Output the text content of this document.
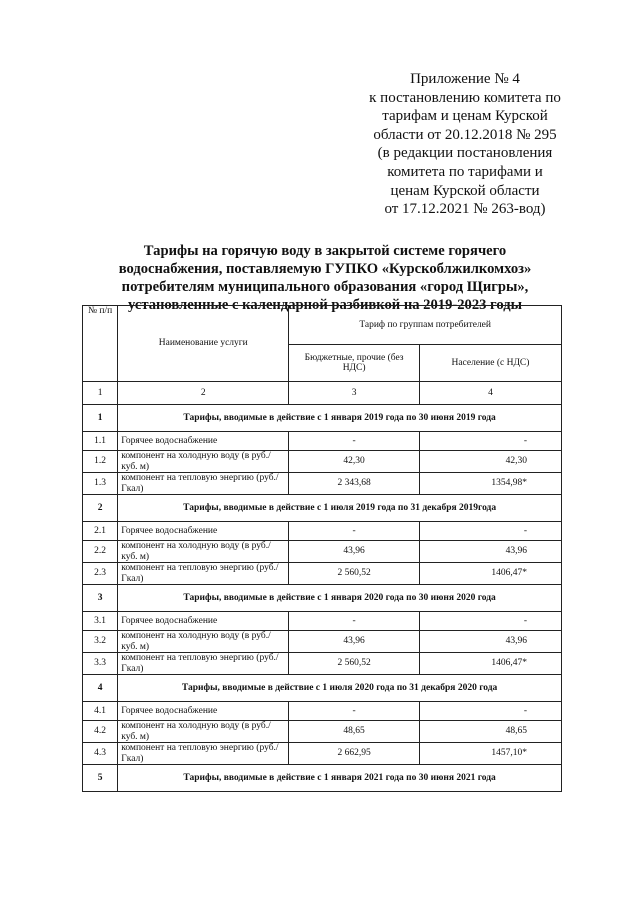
Приложение № 4
к постановлению комитета по
тарифам и ценам Курской
области от 20.12.2018 № 295
(в редакции постановления
комитета по тарифами и
ценам Курской области
от 17.12.2021 № 263-вод)
Тарифы на горячую воду в закрытой системе горячего
водоснабжения, поставляемую ГУПКО «Курскоблжилкомхоз»
потребителям муниципального образования «город Щигры»,
установленные с календарной разбивкой на 2019-2023 годы
№ п/п	Наименование услуги	Тариф по группам потребителей	
		Бюджетные, прочие (без НДС)	Население (с НДС)
1	2	3	4
1	Тарифы, вводимые в действие с 1 января 2019 года по 30 июня 2019 года		
1.1	Горячее водоснабжение	-	-
1.2	компонент на холодную воду (в руб./куб. м)	42,30	42,30
1.3	компонент на тепловую энергию (руб./Гкал)	2 343,68	1354,98*
2	Тарифы, вводимые в действие с 1 июля 2019 года по 31 декабря 2019года		
2.1	Горячее водоснабжение	-	-
2.2	компонент на холодную воду (в руб./куб. м)	43,96	43,96
2.3	компонент на тепловую энергию (руб./Гкал)	2 560,52	1406,47*
3	Тарифы, вводимые в действие с 1 января 2020 года по 30 июня 2020 года		
3.1	Горячее водоснабжение	-	-
3.2	компонент на холодную воду (в руб./куб. м)	43,96	43,96
3.3	компонент на тепловую энергию (руб./Гкал)	2 560,52	1406,47*
4	Тарифы, вводимые в действие с 1 июля 2020 года по 31 декабря 2020 года		
4.1	Горячее водоснабжение	-	-
4.2	компонент на холодную воду (в руб./куб. м)	48,65	48,65
4.3	компонент на тепловую энергию (руб./Гкал)	2 662,95	1457,10*
5	Тарифы, вводимые в действие с 1 января 2021 года по 30 июня 2021 года		
